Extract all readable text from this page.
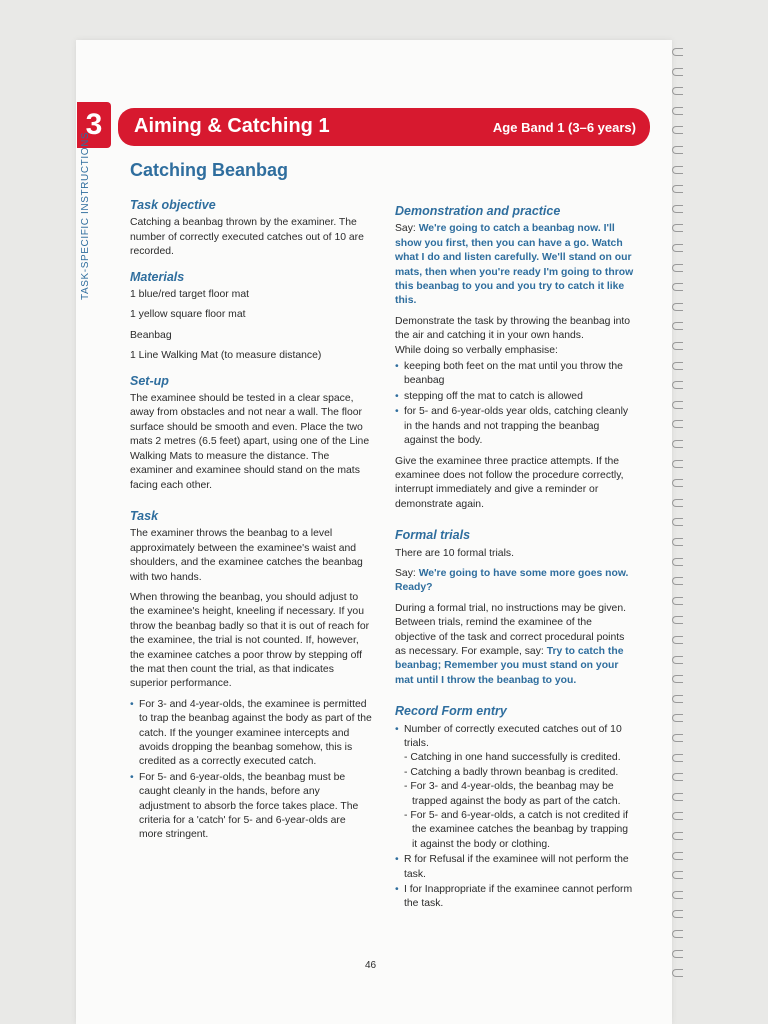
3
TASK-SPECIFIC INSTRUCTIONS
Aiming & Catching 1	Age Band 1 (3–6 years)
Catching Beanbag
Task objective

Catching a beanbag thrown by the examiner. The number of correctly executed catches out of 10 are recorded.

Materials

1 blue/red target floor mat

1 yellow square floor mat

Beanbag

1 Line Walking Mat (to measure distance)

Set-up

The examinee should be tested in a clear space, away from obstacles and not near a wall. The floor surface should be smooth and even. Place the two mats 2 metres (6.5 feet) apart, using one of the Line Walking Mats to measure the distance. The examiner and examinee should stand on the mats facing each other.

Task

The examiner throws the beanbag to a level approximately between the examinee's waist and shoulders, and the examinee catches the beanbag with two hands.

When throwing the beanbag, you should adjust to the examinee's height, kneeling if necessary. If you throw the beanbag badly so that it is out of reach for the examinee, the trial is not counted. If, however, the examinee catches a poor throw by stepping off the mat then count the trial, as that indicates superior performance.

• For 3- and 4-year-olds, the examinee is permitted to trap the beanbag against the body as part of the catch. If the younger examinee intercepts and avoids dropping the beanbag somehow, this is credited as a correctly executed catch.
• For 5- and 6-year-olds, the beanbag must be caught cleanly in the hands, before any adjustment to absorb the force takes place. The criteria for a 'catch' for 5- and 6-year-olds are more stringent.
Demonstration and practice

Say: We're going to catch a beanbag now. I'll show you first, then you can have a go. Watch what I do and listen carefully. We'll stand on our mats, then when you're ready I'm going to throw this beanbag to you and you try to catch it like this.

Demonstrate the task by throwing the beanbag into the air and catching it in your own hands.

While doing so verbally emphasise:

• keeping both feet on the mat until you throw the beanbag
• stepping off the mat to catch is allowed
• for 5- and 6-year-olds year olds, catching cleanly in the hands and not trapping the beanbag against the body.

Give the examinee three practice attempts. If the examinee does not follow the procedure correctly, interrupt immediately and give a reminder or demonstrate again.

Formal trials

There are 10 formal trials.

Say: We're going to have some more goes now. Ready?

During a formal trial, no instructions may be given. Between trials, remind the examinee of the objective of the task and correct procedural points as necessary. For example, say: Try to catch the beanbag; Remember you must stand on your mat until I throw the beanbag to you.

Record Form entry
• Number of correctly executed catches out of 10 trials.
- Catching in one hand successfully is credited.
- Catching a badly thrown beanbag is credited.
- For 3- and 4-year-olds, the beanbag may be trapped against the body as part of the catch.
- For 5- and 6-year-olds, a catch is not credited if the examinee catches the beanbag by trapping it against the body or clothing.
• R for Refusal if the examinee will not perform the task.
• I for Inappropriate if the examinee cannot perform the task.
46
